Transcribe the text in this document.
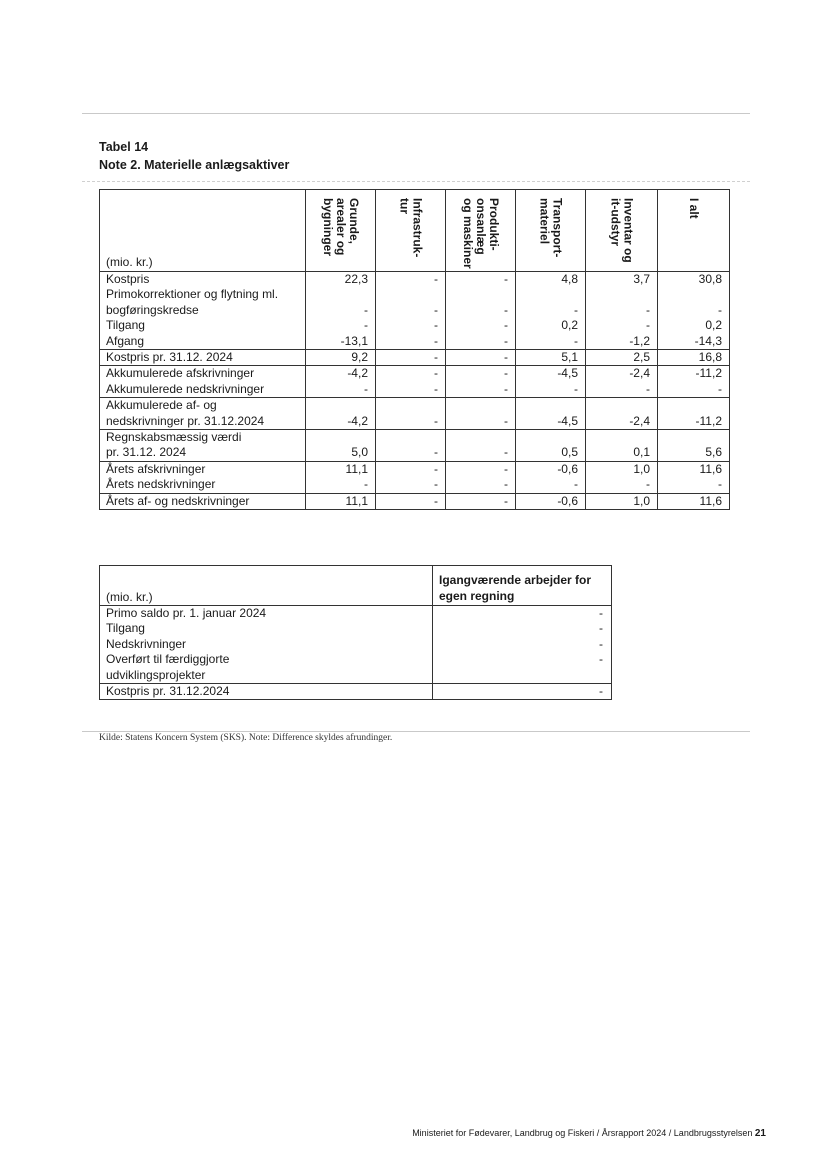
Tabel 14
Note 2. Materielle anlægsaktiver
(mio. kr.)	Grunde, arealer og bygninger	Infrastruk-tur	Produkti-onsanlæg og maskiner	Transport-materiel	Inventar og it-udstyr	I alt

Kostpris	22,3	-	-	4,8	3,7	30,8
Primokorrektioner og flytning ml.						
bogføringskredse	-	-	-	-	-	-
Tilgang	-	-	-	0,2	-	0,2
Afgang	-13,1	-	-	-	-1,2	-14,3
Kostpris pr. 31.12. 2024	9,2	-	-	5,1	2,5	16,8
Akkumulerede afskrivninger	-4,2	-	-	-4,5	-2,4	-11,2
Akkumulerede nedskrivninger	-	-	-	-	-	-
Akkumulerede af- og						
nedskrivninger pr. 31.12.2024	-4,2	-	-	-4,5	-2,4	-11,2
Regnskabsmæssig værdi						
pr. 31.12. 2024	5,0	-	-	0,5	0,1	5,6
Årets afskrivninger	11,1	-	-	-0,6	1,0	11,6
Årets nedskrivninger	-	-	-	-	-	-
Årets af- og nedskrivninger	11,1	-	-	-0,6	1,0	11,6
(mio. kr.)	Igangværende arbejder for egen regning
Primo saldo pr. 1. januar 2024	-
Tilgang	-
Nedskrivninger	-
Overført til færdiggjorte	-
udviklingsprojekter	
Kostpris pr. 31.12.2024	-
Kilde: Statens Koncern System (SKS). Note: Difference skyldes afrundinger.
Ministeriet for Fødevarer, Landbrug og Fiskeri / Årsrapport 2024 / Landbrugsstyrelsen 21
